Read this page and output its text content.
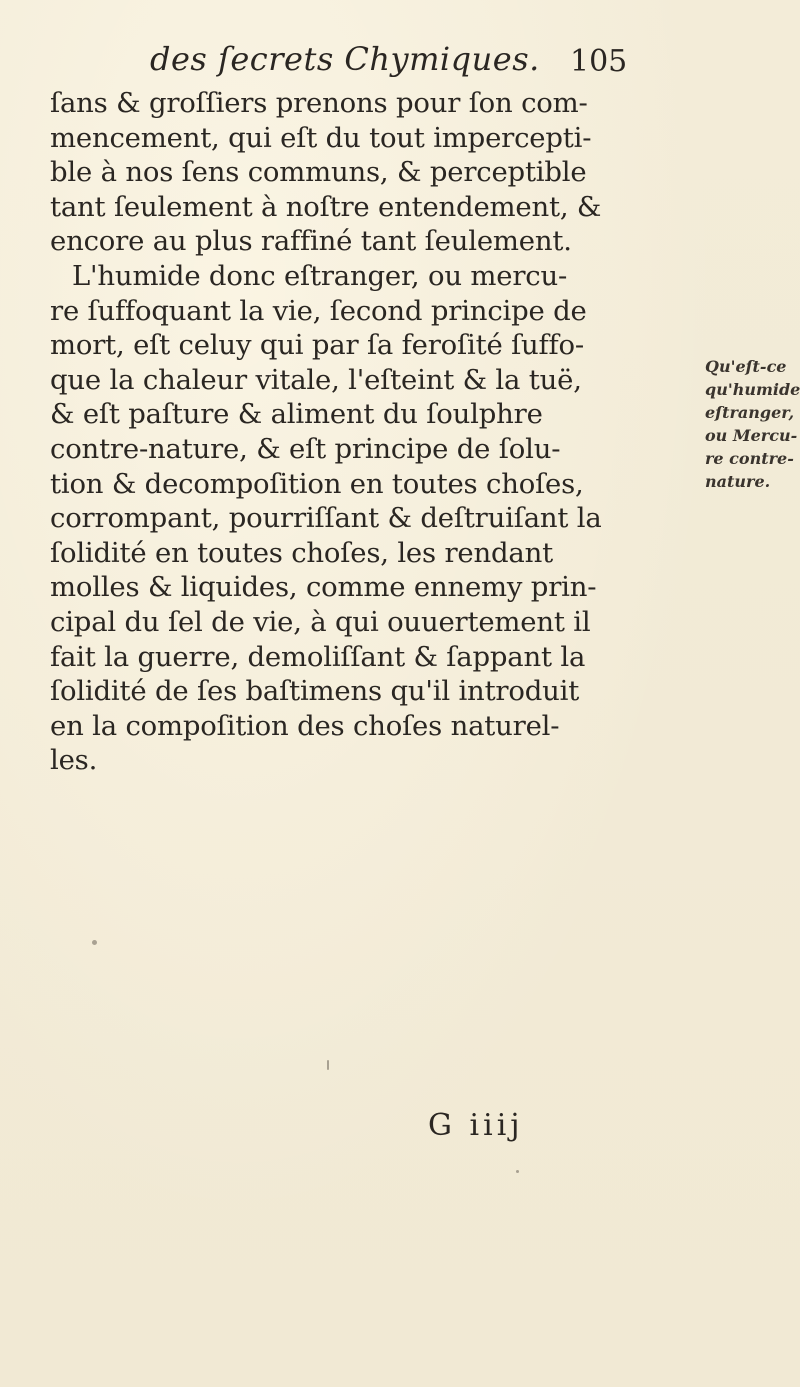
des ſecrets Chymiques. 105
ſans & groſſiers prenons pour ſon com-
mencement, qui eſt du tout impercepti-
ble à nos ſens communs, & perceptible
tant ſeulement à noſtre entendement, &
encore au plus raffiné tant ſeulement.
L'humide donc eſtranger, ou mercu-
re ſuffoquant la vie, ſecond principe de
mort, eſt celuy qui par ſa feroſité ſuffo-
que la chaleur vitale, l'eſteint & la tuë,
& eſt paſture & aliment du ſoulphre
contre-nature, & eſt principe de ſolu-
tion & decompoſition en toutes choſes,
corrompant, pourriſſant & deſtruiſant la
ſolidité en toutes choſes, les rendant
molles & liquides, comme ennemy prin-
cipal du ſel de vie, à qui ouuertement il
fait la guerre, demoliſſant & ſappant la
ſolidité de ſes baſtimens qu'il introduit
en la compoſition des choſes naturel-
les.
Qu'eſt-ce
qu'humide
eſtranger,
ou Mercu-
re contre-
nature.
G iiij
